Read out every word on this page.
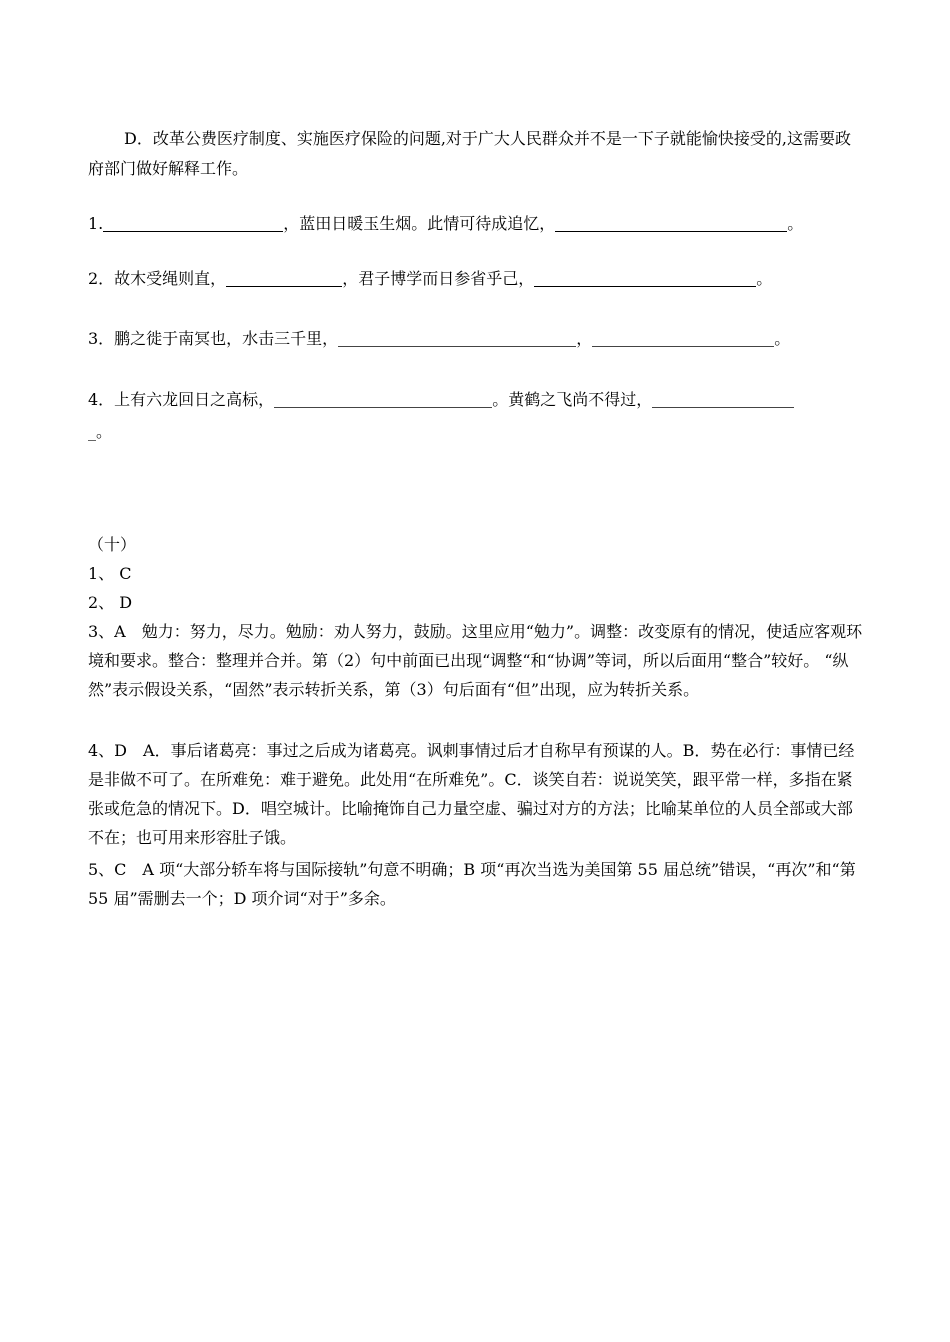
D．改革公费医疗制度、实施医疗保险的问题,对于广大人民群众并不是一下子就能愉快接受的,这需要政府部门做好解释工作。
1.	，蓝田日暖玉生烟。此情可待成追忆，	。
2．故木受绳则直，	，君子博学而日参省乎己，	。
3．鹏之徙于南冥也，水击三千里，	，	。
4．上有六龙回日之高标，	。黄鹤之飞尚不得过，
_。
（十）
1、 C
2、 D
3、A　勉力：努力，尽力。勉励：劝人努力，鼓励。这里应用“勉力”。调整：改变原有的情况，使适应客观环境和要求。整合：整理并合并。第（2）句中前面已出现“调整“和“协调”等词，所以后面用“整合”较好。 “纵然”表示假设关系，“固然”表示转折关系，第（3）句后面有“但”出现，应为转折关系。
4、D　A．事后诸葛亮：事过之后成为诸葛亮。讽刺事情过后才自称早有预谋的人。B．势在必行：事情已经是非做不可了。在所难免：难于避免。此处用“在所难免”。C．谈笑自若：说说笑笑，跟平常一样，多指在紧张或危急的情况下。D．唱空城计。比喻掩饰自己力量空虚、骗过对方的方法；比喻某单位的人员全部或大部不在；也可用来形容肚子饿。
5、C　A 项“大部分轿车将与国际接轨”句意不明确；B 项“再次当选为美国第 55 届总统”错误，“再次”和“第 55 届”需删去一个；D 项介词“对于”多余。
